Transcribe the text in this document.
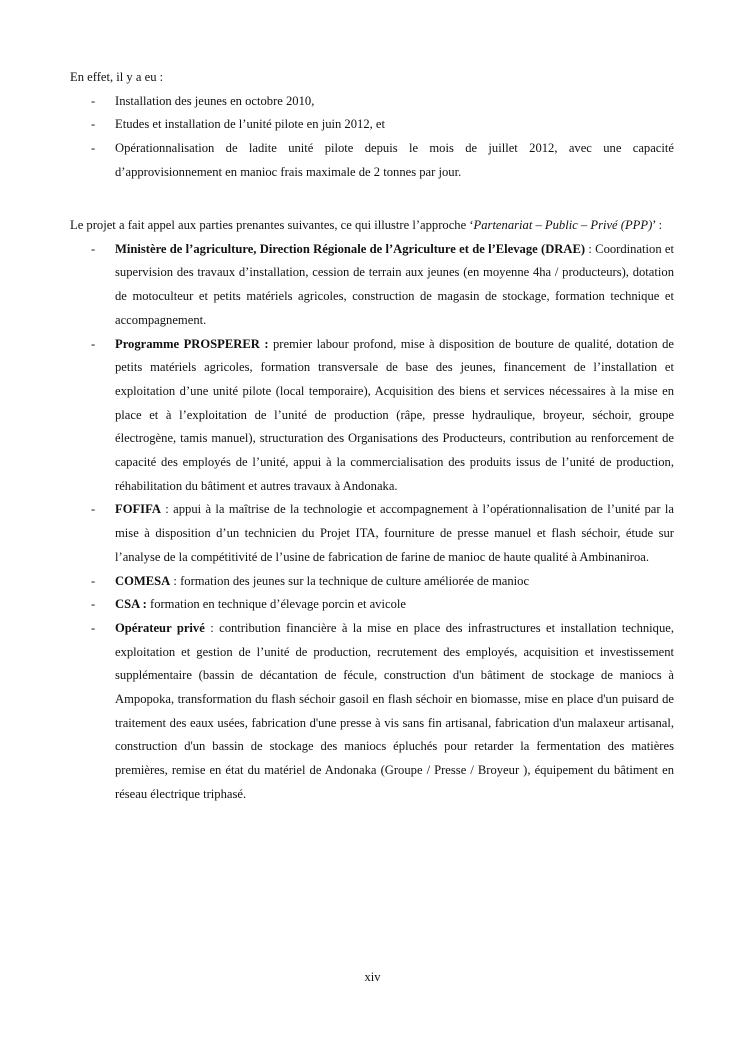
En effet, il y a eu :

- Installation des jeunes en octobre 2010,
- Etudes et installation de l’unité pilote en juin 2012, et
- Opérationnalisation de ladite unité pilote depuis le mois de juillet 2012, avec une capacité d’approvisionnement en manioc frais maximale de 2 tonnes par jour.

Le projet a fait appel aux parties prenantes suivantes, ce qui illustre l’approche ‘Partenariat – Public – Privé (PPP)’ :

- Ministère de l’agriculture, Direction Régionale de l’Agriculture et de l’Elevage (DRAE) : Coordination et supervision des travaux d’installation, cession de terrain aux jeunes (en moyenne 4ha / producteurs), dotation de motoculteur et petits matériels agricoles, construction de magasin de stockage, formation technique et accompagnement.
- Programme PROSPERER : premier labour profond, mise à disposition de bouture de qualité, dotation de petits matériels agricoles, formation transversale de base des jeunes, financement de l’installation et exploitation d’une unité pilote (local temporaire), Acquisition des biens et services nécessaires à la mise en place et à l’exploitation de l’unité de production (râpe, presse hydraulique, broyeur, séchoir, groupe électrogène, tamis manuel), structuration des Organisations des Producteurs, contribution au renforcement de capacité des employés de l’unité, appui à la commercialisation des produits issus de l’unité de production, réhabilitation du bâtiment et autres travaux à Andonaka.
- FOFIFA : appui à la maîtrise de la technologie et accompagnement à l’opérationnalisation de l’unité par la mise à disposition d’un technicien du Projet ITA, fourniture de presse manuel et flash séchoir, étude sur l’analyse de la compétitivité de l’usine de fabrication de farine de manioc de haute qualité à Ambinaniroa.
- COMESA : formation des jeunes sur la technique de culture améliorée de manioc
- CSA : formation en technique d’élevage porcin et avicole
- Opérateur privé : contribution financière à la mise en place des infrastructures et installation technique, exploitation et gestion de l’unité de production, recrutement des employés, acquisition et investissement supplémentaire (bassin de décantation de fécule, construction d'un bâtiment de stockage de maniocs à Ampopoka, transformation du flash séchoir gasoil en flash séchoir en biomasse, mise en place d'un puisard de traitement des eaux usées, fabrication d'une presse à vis sans fin artisanal, fabrication d'un malaxeur artisanal, construction d'un bassin de stockage des maniocs épluchés pour retarder la fermentation des matières premières, remise en état du matériel de Andonaka (Groupe / Presse / Broyeur ), équipement du bâtiment en réseau électrique triphasé.
xiv
